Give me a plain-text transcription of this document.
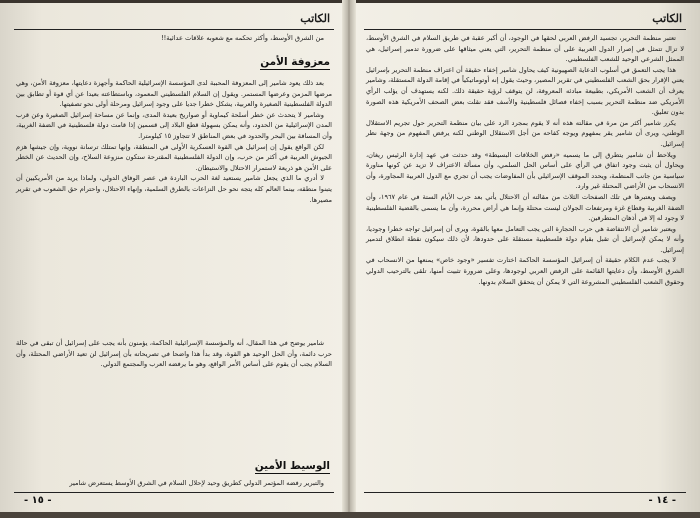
الكاتب

من الشرق الأوسط، وأكثر تحكمه مع شعوبه علاقات عدائية!!

معزوفة الأمن

بعد ذلك يعود شامير إلى المعزوفة المحببة لدى المؤسسة الإسرائيلية الحاكمة وأجهزة دعايتها، معزوفة الأمن، وهي مرضها المزمن وعرضها المستمر. ويقول إن السلام الفلسطيني المعمود، وباستطاعته بعيدا عن أي قوة أو تطابق بين الدولة الفلسطينية الصغيرة والعربية، يشكل خطرا جديا على وجود إسرائيل ومرحلة أولى نحو تصفيتها.

وشامير لا يتحدث عن خطر أسلحة كيماوية أو صواريخ بعيدة المدى، وإنما عن مساحة إسرائيل الصغيرة وعن قرب المدن الإسرائيلية من الحدود، وأنه يمكن بسهولة قطع البلاد إلى قسمين إذا قامت دولة فلسطينية في الضفة الغربية، وأن المسافة بين البحر والحدود في بعض المناطق لا تتجاوز ١٥ كيلومترا.

لكن الواقع يقول إن إسرائيل هي القوة العسكرية الأولى في المنطقة، وإنها تمتلك ترسانة نووية، وإن جيشها هزم الجيوش العربية في أكثر من حرب، وإن الدولة الفلسطينية المقترحة ستكون منزوعة السلاح، وإن الحديث عن الخطر على الأمن هو ذريعة لاستمرار الاحتلال والاستيطان.

لا أدري ما الذي يجعل شامير يستعيد لغة الحرب الباردة في عصر الوفاق الدولي، ولماذا يريد من الأمريكيين أن يتبنوا منطقه، بينما العالم كله يتجه نحو حل النزاعات بالطرق السلمية، وإنهاء الاحتلال، واحترام حق الشعوب في تقرير مصيرها.

شامير يوضح في هذا المقال، أنه والمؤسسة الإسرائيلية الحاكمة، يؤمنون بأنه يجب على إسرائيل أن تبقى في حالة حرب دائمة، وأن الحل الوحيد هو القوة، وقد بدأ هذا واضحا في تصريحاته بأن إسرائيل لن تعيد الأراضي المحتلة، وأن السلام يجب أن يقوم على أساس الأمر الواقع، وهو ما يرفضه العرب والمجتمع الدولي.

الوسيط الأمين

والتبرير رفضه المؤتمر الدولي كطريق وحيد لإحلال السلام في الشرق الأوسط يستعرض شامير

- ١٥ -
الكاتب

تعتبر منظمة التحرير، تجسيد الرفض العربي لحقها في الوجود، أن أكبر عقبة في طريق السلام في الشرق الأوسط، لا تزال تتمثل في إصرار الدول العربية على أن منظمة التحرير، التي يعني ميثاقها على ضرورة تدمير إسرائيل، هي الممثل الشرعي الوحيد للشعب الفلسطيني.

هذا يجب التعمق في أسلوب الدعاية الصهيونية كيف يحاول شامير إخفاء حقيقة أن اعتراف منظمة التحرير بإسرائيل يعني الإقرار بحق الشعب الفلسطيني في تقرير المصير، وحيث يقول إنه أوتوماتيكياً في إقامة الدولة المستقلة، وشامير يعرف أن الشعب الأمريكي، بطبيعة مبادئه المعروفة، لن يتوقف لرؤية حقيقة ذلك. لكنه يستهدف أن يؤلب الرأي الأمريكي ضد منظمة التحرير بسبب إخفاء فصائل فلسطينية والأسف فقد نقلت بعض الصحف الأمريكية هذه الصورة بدون تعليق.

يكرر شامير أكثر من مرة في مقالته هذه أنه لا يقوم بمجرد الرد على بيان منظمة التحرير حول تجريم الاستقلال الوطني، ويرى أن شامير يقر بمفهوم ويوجه كفاحه من أجل الاستقلال الوطني لكنه يرفض المفهوم من وجهة نظر إسرائيل.

ويلاحظ أن شامير يتطرق إلى ما يسميه «رفض الخلافات البسيطة» وقد حدثت في عهد إدارة الرئيس ريغان، ويحاول أن يثبت وجود اتفاق في الرأي على أساس الحل السلمي، وأن مسألة الاعتراف لا تزيد عن كونها مناورة سياسية من جانب المنظمة، ويحدد الموقف الإسرائيلي بأن المفاوضات يجب أن تجري مع الدول العربية المجاورة، وأن الانسحاب من الأراضي المحتلة غير وارد.

ويصف ويعتبرها في تلك الصفحات الثلاث من مقالته أن الاحتلال يأتي بعد حرب الأيام الستة في عام ١٩٦٧، وأن الضفة الغربية وقطاع غزة ومرتفعات الجولان ليست محتلة وإنما هي أراض محررة، وأن ما يسمى بالقضية الفلسطينية لا وجود له إلا في أذهان المتطرفين.

ويعتبر شامير أن الانتفاضة هي حرب الحجارة التي يجب التعامل معها بالقوة، ويرى أن إسرائيل تواجه خطرا وجوديا، وأنه لا يمكن لإسرائيل أن تقبل بقيام دولة فلسطينية مستقلة على حدودها، لأن ذلك سيكون نقطة انطلاق لتدمير إسرائيل.

لا يجب عدم الكلام حقيقة أن إسرائيل المؤسسة الحاكمة اختارت تفسير «وجود خاص» يمنعها من الانسحاب في الشرق الأوسط، وأن دعايتها القائمة على الرفض العربي لوجودها، وعلى ضرورة تثبيت أمنها، تلقى بالترحيب الدولي وحقوق الشعب الفلسطيني المشروعة التي لا يمكن أن يتحقق السلام بدونها.

- ١٤ -
